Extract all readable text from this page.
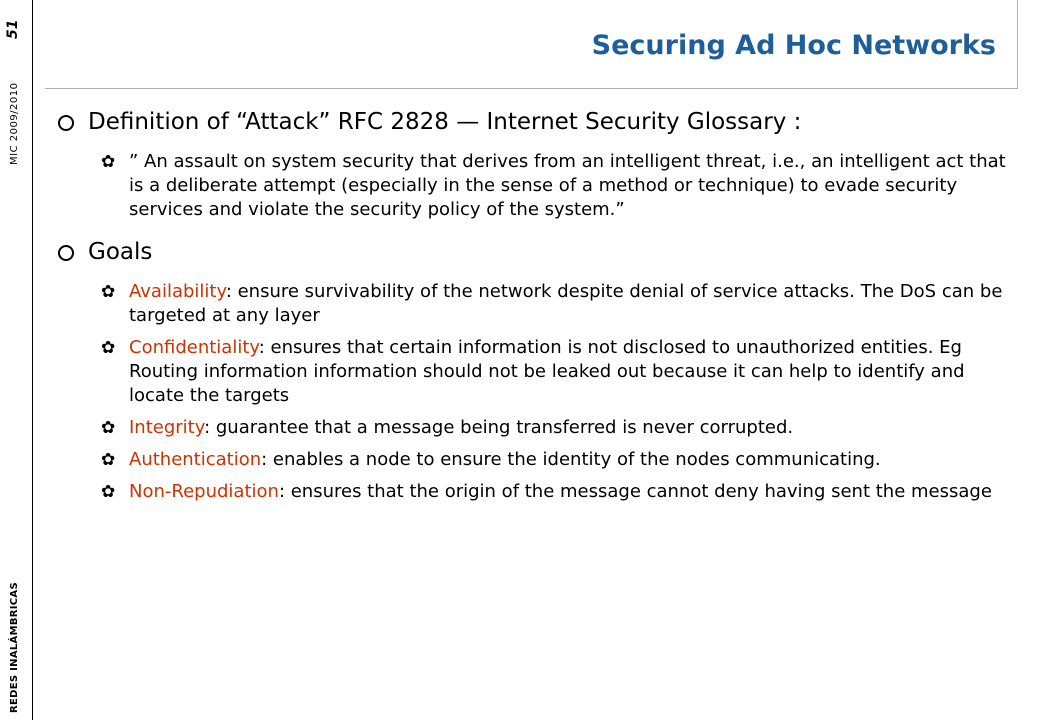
REDES INALÁMBRICAS
MIC 2009/2010
51
Securing Ad Hoc Networks
Definition of “Attack” RFC 2828 — Internet Security Glossary :
✿ ” An assault on system security that derives from an intelligent threat, i.e., an intelligent act that is a deliberate attempt (especially in the sense of a method or technique) to evade security services and violate the security policy of the system.”
Goals
✿ Availability: ensure survivability of the network despite denial of service attacks. The DoS can be targeted at any layer
✿ Confidentiality: ensures that certain information is not disclosed to unauthorized entities. Eg Routing information information should not be leaked out because it can help to identify and locate the targets
✿ Integrity: guarantee that a message being transferred is never corrupted.
✿ Authentication: enables a node to ensure the identity of the nodes communicating.
✿ Non-Repudiation: ensures that the origin of the message cannot deny having sent the message
